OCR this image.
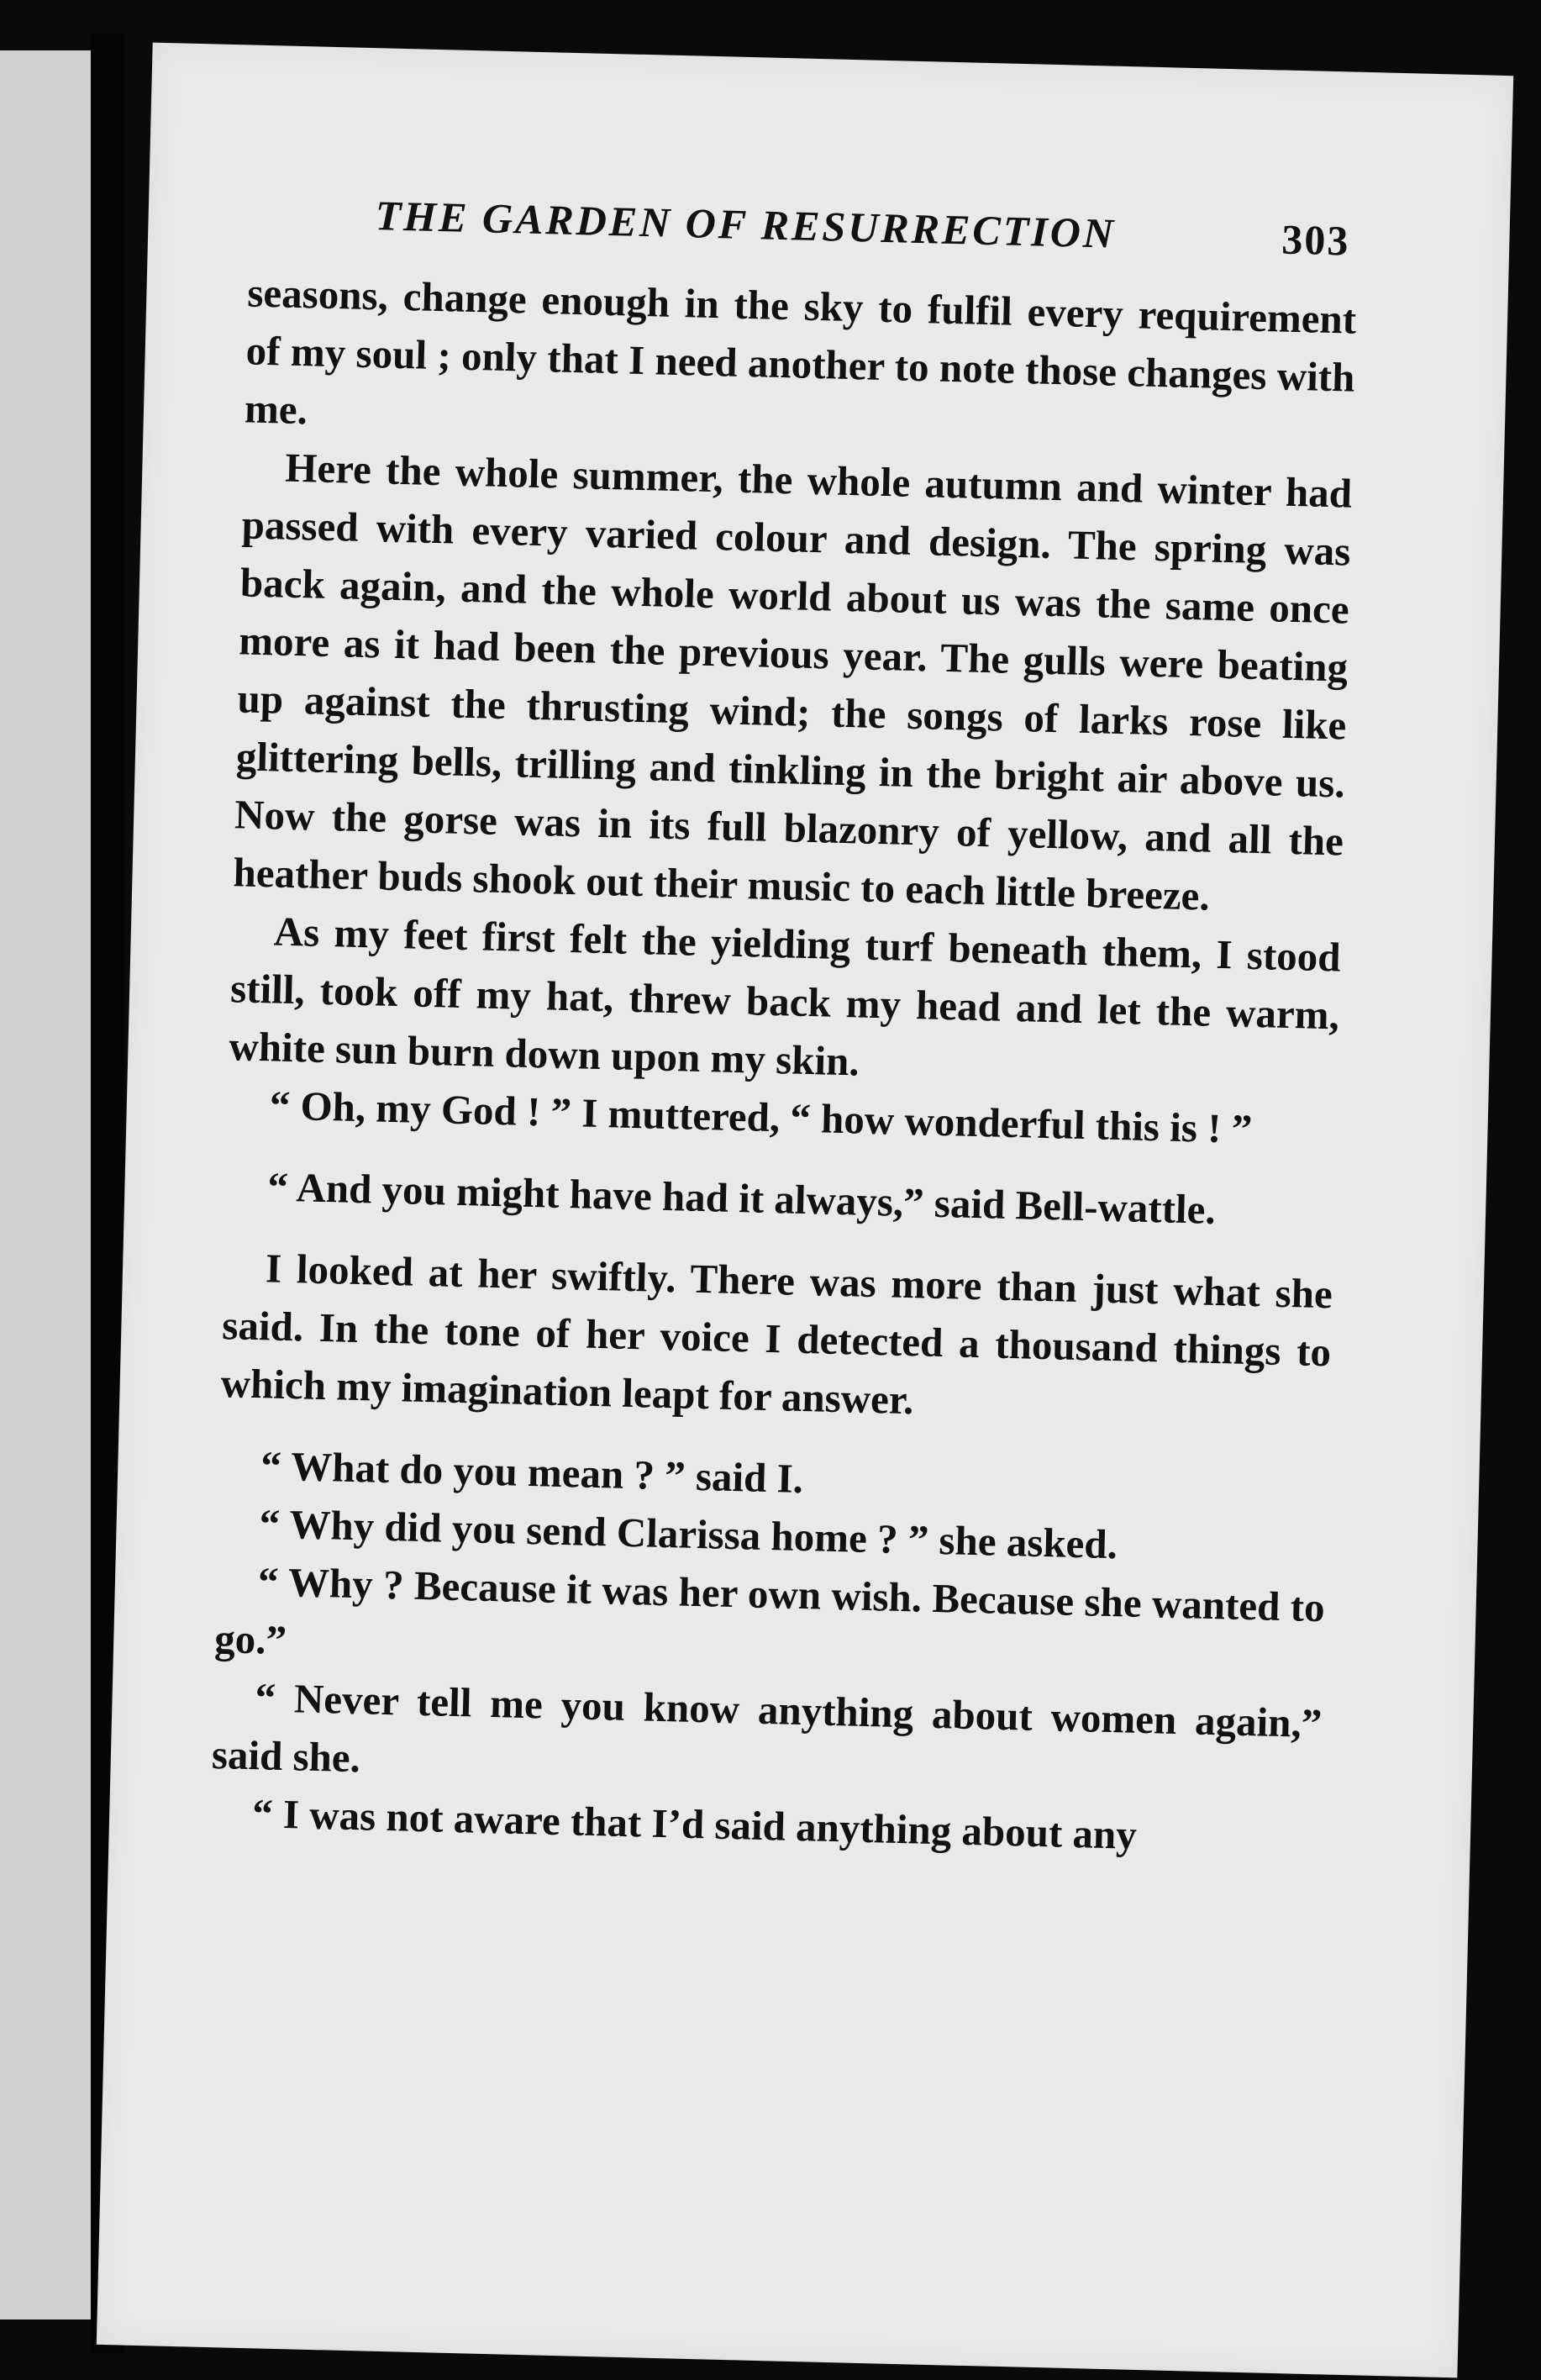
THE GARDEN OF RESURRECTION	303

seasons, change enough in the sky to fulfil every requirement of my soul ; only that I need another to note those changes with me.

Here the whole summer, the whole autumn and winter had passed with every varied colour and design. The spring was back again, and the whole world about us was the same once more as it had been the previous year. The gulls were beating up against the thrusting wind; the songs of larks rose like glittering bells, trilling and tinkling in the bright air above us. Now the gorse was in its full blazonry of yellow, and all the heather buds shook out their music to each little breeze.

As my feet first felt the yielding turf beneath them, I stood still, took off my hat, threw back my head and let the warm, white sun burn down upon my skin.

“ Oh, my God ! ” I muttered, “ how wonderful this is ! ”

“ And you might have had it always,” said Bell-wattle.

I looked at her swiftly. There was more than just what she said. In the tone of her voice I detected a thousand things to which my imagination leapt for answer.

“ What do you mean ? ” said I.

“ Why did you send Clarissa home ? ” she asked.

“ Why ? Because it was her own wish. Because she wanted to go.”

“ Never tell me you know anything about women again,” said she.

“ I was not aware that I’d said anything about any
